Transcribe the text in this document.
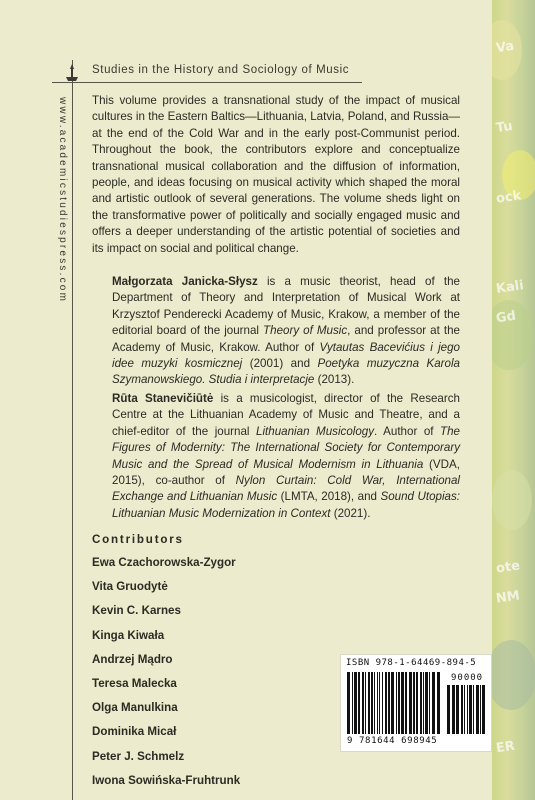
Va
Tu
ock
Kali
Gd
ote
NM
ER
Studies in the History and Sociology of Music
www.academicstudiespress.com This volume provides a transnational study of the impact of musical cultures in the Eastern Baltics—Lithuania, Latvia, Poland, and Russia—at the end of the Cold War and in the early post-Communist period. Throughout the book, the contributors explore and conceptualize transnational musical collaboration and the diffusion of information, people, and ideas focusing on musical activity which shaped the moral and artistic outlook of several generations. The volume sheds light on the transformative power of politically and socially engaged music and offers a deeper understanding of the artistic potential of societies and its impact on social and political change.

Małgorzata Janicka-Słysz is a music theorist, head of the Department of Theory and Interpretation of Musical Work at Krzysztof Penderecki Academy of Music, Krakow, a member of the editorial board of the journal Theory of Music, and professor at the Academy of Music, Krakow. Author of Vytautas Bacevićius i jego idee muzyki kosmicznej (2001) and Poetyka muzyczna Karola Szymanowskiego. Studia i interpretacje (2013).

Rūta Stanevičiūtė is a musicologist, director of the Research Centre at the Lithuanian Academy of Music and Theatre, and a chief-editor of the journal Lithuanian Musicology. Author of The Figures of Modernity: The International Society for Contemporary Music and the Spread of Musical Modernism in Lithuania (VDA, 2015), co-author of Nylon Curtain: Cold War, International Exchange and Lithuanian Music (LMTA, 2018), and Sound Utopias: Lithuanian Music Modernization in Context (2021).

Contributors
Ewa Czachorowska-Zygor
Vita Gruodytė
Kevin C. Karnes
Kinga Kiwała
Andrzej Mądro
Teresa Malecka
Olga Manulkina
Dominika Micał
Peter J. Schmelz
Iwona Sowińska-Fruhtrunk
ISBN 978-1-64469-894-5
90000
9 781644 698945
